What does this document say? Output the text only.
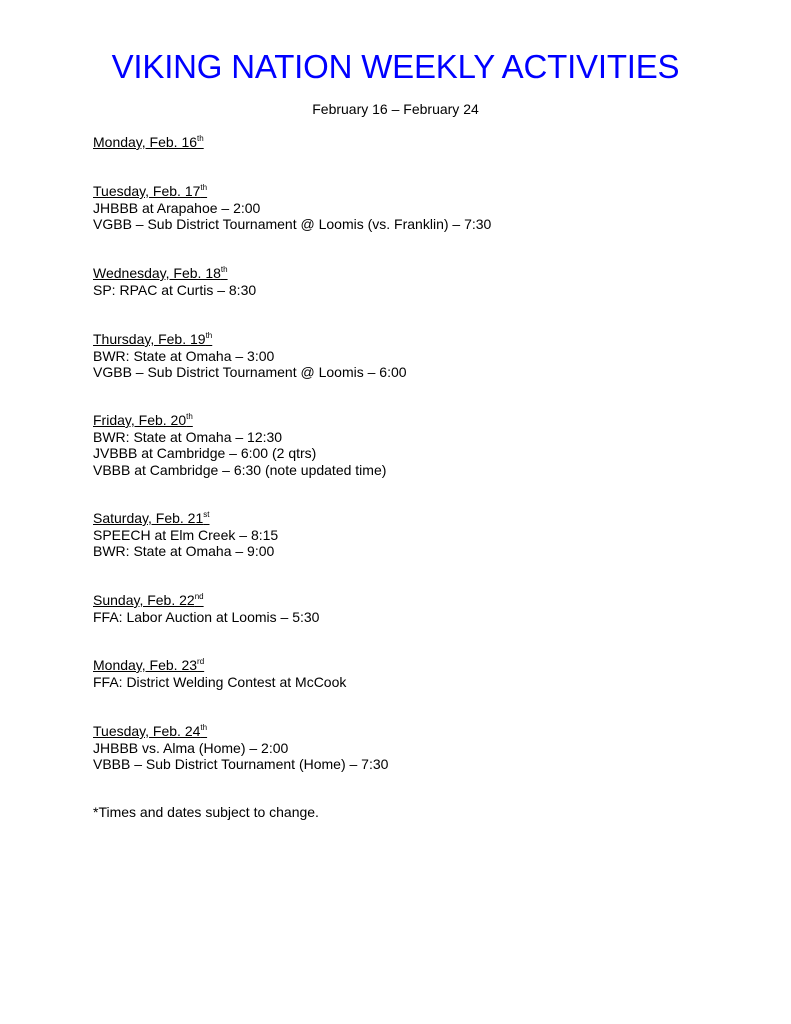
VIKING NATION WEEKLY ACTIVITIES
February 16 – February 24
Monday, Feb. 16th
Tuesday, Feb. 17th
JHBBB at Arapahoe – 2:00
VGBB – Sub District Tournament @ Loomis (vs. Franklin) – 7:30
Wednesday, Feb. 18th
SP: RPAC at Curtis – 8:30
Thursday, Feb. 19th
BWR: State at Omaha – 3:00
VGBB – Sub District Tournament @ Loomis – 6:00
Friday, Feb. 20th
BWR: State at Omaha – 12:30
JVBBB at Cambridge – 6:00 (2 qtrs)
VBBB at Cambridge – 6:30 (note updated time)
Saturday, Feb. 21st
SPEECH at Elm Creek – 8:15
BWR: State at Omaha – 9:00
Sunday, Feb. 22nd
FFA: Labor Auction at Loomis – 5:30
Monday, Feb. 23rd
FFA: District Welding Contest at McCook
Tuesday, Feb. 24th
JHBBB vs. Alma (Home) – 2:00
VBBB – Sub District Tournament (Home) – 7:30
*Times and dates subject to change.
